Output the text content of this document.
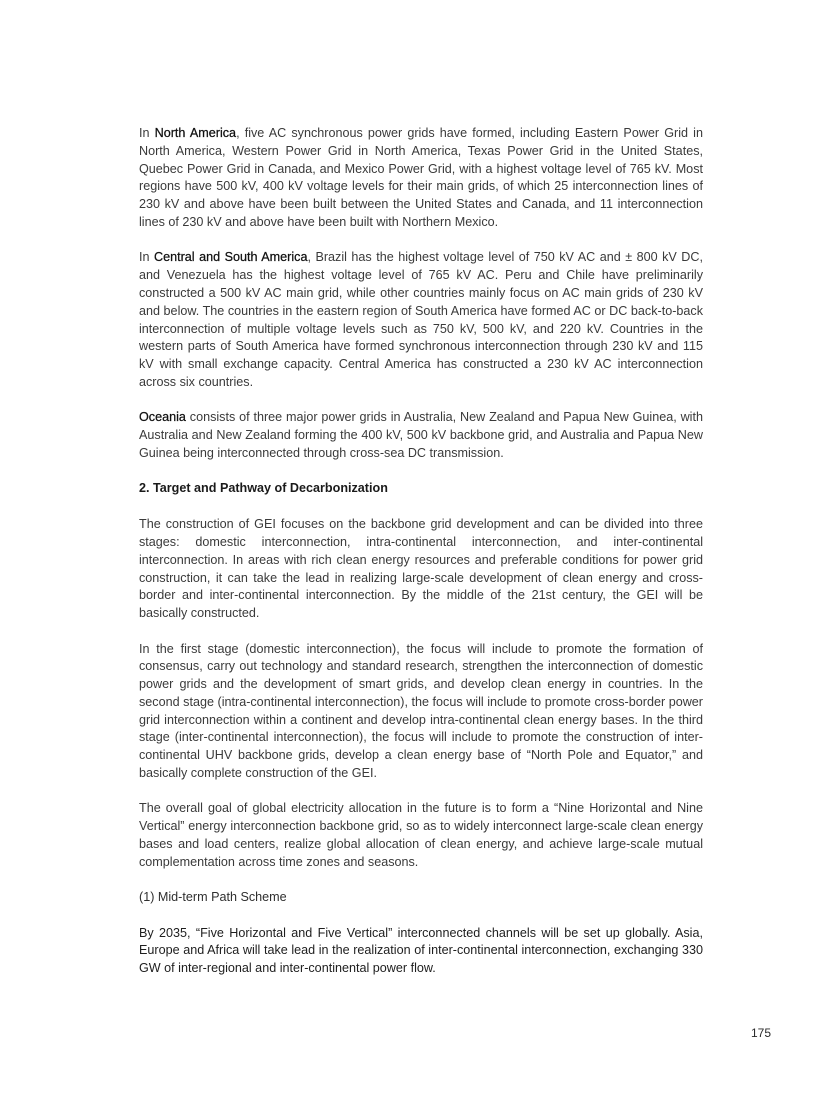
In North America, five AC synchronous power grids have formed, including Eastern Power Grid in North America, Western Power Grid in North America, Texas Power Grid in the United States, Quebec Power Grid in Canada, and Mexico Power Grid, with a highest voltage level of 765 kV. Most regions have 500 kV, 400 kV voltage levels for their main grids, of which 25 interconnection lines of 230 kV and above have been built between the United States and Canada, and 11 interconnection lines of 230 kV and above have been built with Northern Mexico.

In Central and South America, Brazil has the highest voltage level of 750 kV AC and ± 800 kV DC, and Venezuela has the highest voltage level of 765 kV AC. Peru and Chile have preliminarily constructed a 500 kV AC main grid, while other countries mainly focus on AC main grids of 230 kV and below. The countries in the eastern region of South America have formed AC or DC back-to-back interconnection of multiple voltage levels such as 750 kV, 500 kV, and 220 kV. Countries in the western parts of South America have formed synchronous interconnection through 230 kV and 115 kV with small exchange capacity. Central America has constructed a 230 kV AC interconnection across six countries.

Oceania consists of three major power grids in Australia, New Zealand and Papua New Guinea, with Australia and New Zealand forming the 400 kV, 500 kV backbone grid, and Australia and Papua New Guinea being interconnected through cross-sea DC transmission.

2. Target and Pathway of Decarbonization

The construction of GEI focuses on the backbone grid development and can be divided into three stages: domestic interconnection, intra-continental interconnection, and inter-continental interconnection. In areas with rich clean energy resources and preferable conditions for power grid construction, it can take the lead in realizing large-scale development of clean energy and cross-border and inter-continental interconnection. By the middle of the 21st century, the GEI will be basically constructed.

In the first stage (domestic interconnection), the focus will include to promote the formation of consensus, carry out technology and standard research, strengthen the interconnection of domestic power grids and the development of smart grids, and develop clean energy in countries. In the second stage (intra-continental interconnection), the focus will include to promote cross-border power grid interconnection within a continent and develop intra-continental clean energy bases. In the third stage (inter-continental interconnection), the focus will include to promote the construction of inter-continental UHV backbone grids, develop a clean energy base of “North Pole and Equator,” and basically complete construction of the GEI.

The overall goal of global electricity allocation in the future is to form a “Nine Horizontal and Nine Vertical” energy interconnection backbone grid, so as to widely interconnect large-scale clean energy bases and load centers, realize global allocation of clean energy, and achieve large-scale mutual complementation across time zones and seasons.

(1) Mid-term Path Scheme

By 2035, “Five Horizontal and Five Vertical” interconnected channels will be set up globally. Asia, Europe and Africa will take lead in the realization of inter-continental interconnection, exchanging 330 GW of inter-regional and inter-continental power flow.

175
